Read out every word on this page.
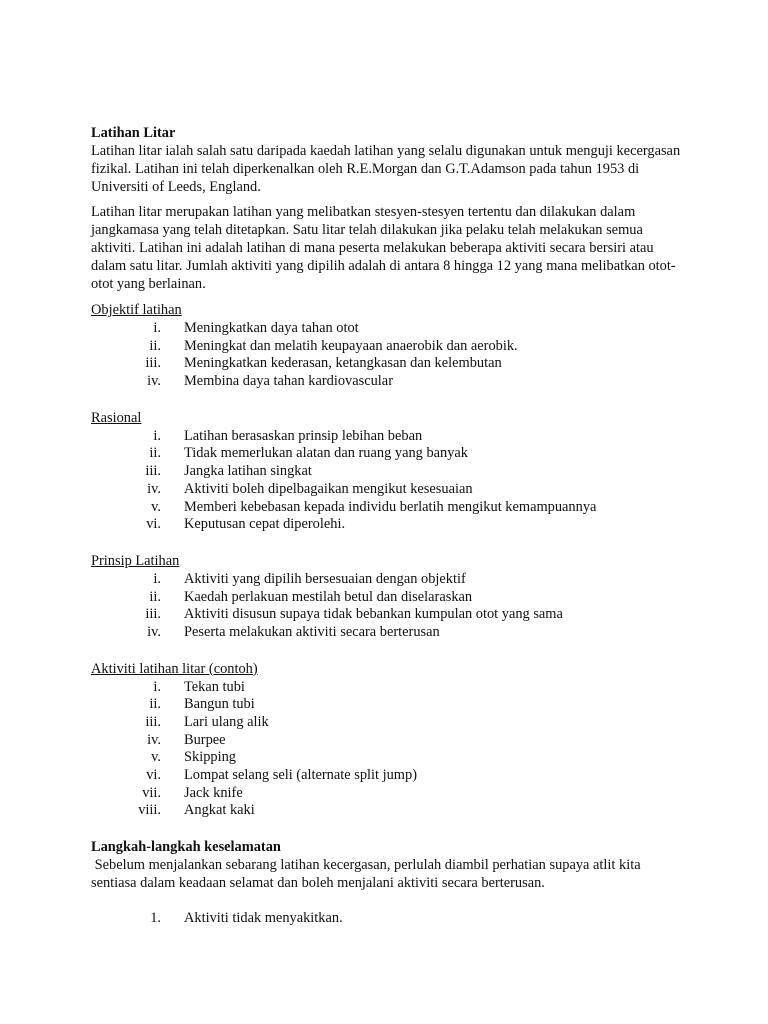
Latihan Litar

Latihan litar ialah salah satu daripada kaedah latihan yang selalu digunakan untuk menguji kecergasan fizikal. Latihan ini telah diperkenalkan oleh R.E.Morgan dan G.T.Adamson pada tahun 1953 di Universiti of Leeds, England.

Latihan litar merupakan latihan yang melibatkan stesyen-stesyen tertentu dan dilakukan dalam jangkamasa yang telah ditetapkan. Satu litar telah dilakukan jika pelaku telah melakukan semua aktiviti. Latihan ini adalah latihan di mana peserta melakukan beberapa aktiviti secara bersiri atau dalam satu litar. Jumlah aktiviti yang dipilih adalah di antara 8 hingga 12 yang mana melibatkan otot-otot yang berlainan.

Objektif latihan

i. Meningkatkan daya tahan otot
ii. Meningkat dan melatih keupayaan anaerobik dan aerobik.
iii. Meningkatkan kederasan, ketangkasan dan kelembutan
iv. Membina daya tahan kardiovascular

Rasional

i. Latihan berasaskan prinsip lebihan beban
ii. Tidak memerlukan alatan dan ruang yang banyak
iii. Jangka latihan singkat
iv. Aktiviti boleh dipelbagaikan mengikut kesesuaian
v. Memberi kebebasan kepada individu berlatih mengikut kemampuannya
vi. Keputusan cepat diperolehi.

Prinsip Latihan

i. Aktiviti yang dipilih bersesuaian dengan objektif
ii. Kaedah perlakuan mestilah betul dan diselaraskan
iii. Aktiviti disusun supaya tidak bebankan kumpulan otot yang sama
iv. Peserta melakukan aktiviti secara berterusan

Aktiviti latihan litar (contoh)

i. Tekan tubi
ii. Bangun tubi
iii. Lari ulang alik
iv. Burpee
v. Skipping
vi. Lompat selang seli (alternate split jump)
vii. Jack knife
viii. Angkat kaki

Langkah-langkah keselamatan

Sebelum menjalankan sebarang latihan kecergasan, perlulah diambil perhatian supaya atlit kita sentiasa dalam keadaan selamat dan boleh menjalani aktiviti secara berterusan.

1. Aktiviti tidak menyakitkan.
